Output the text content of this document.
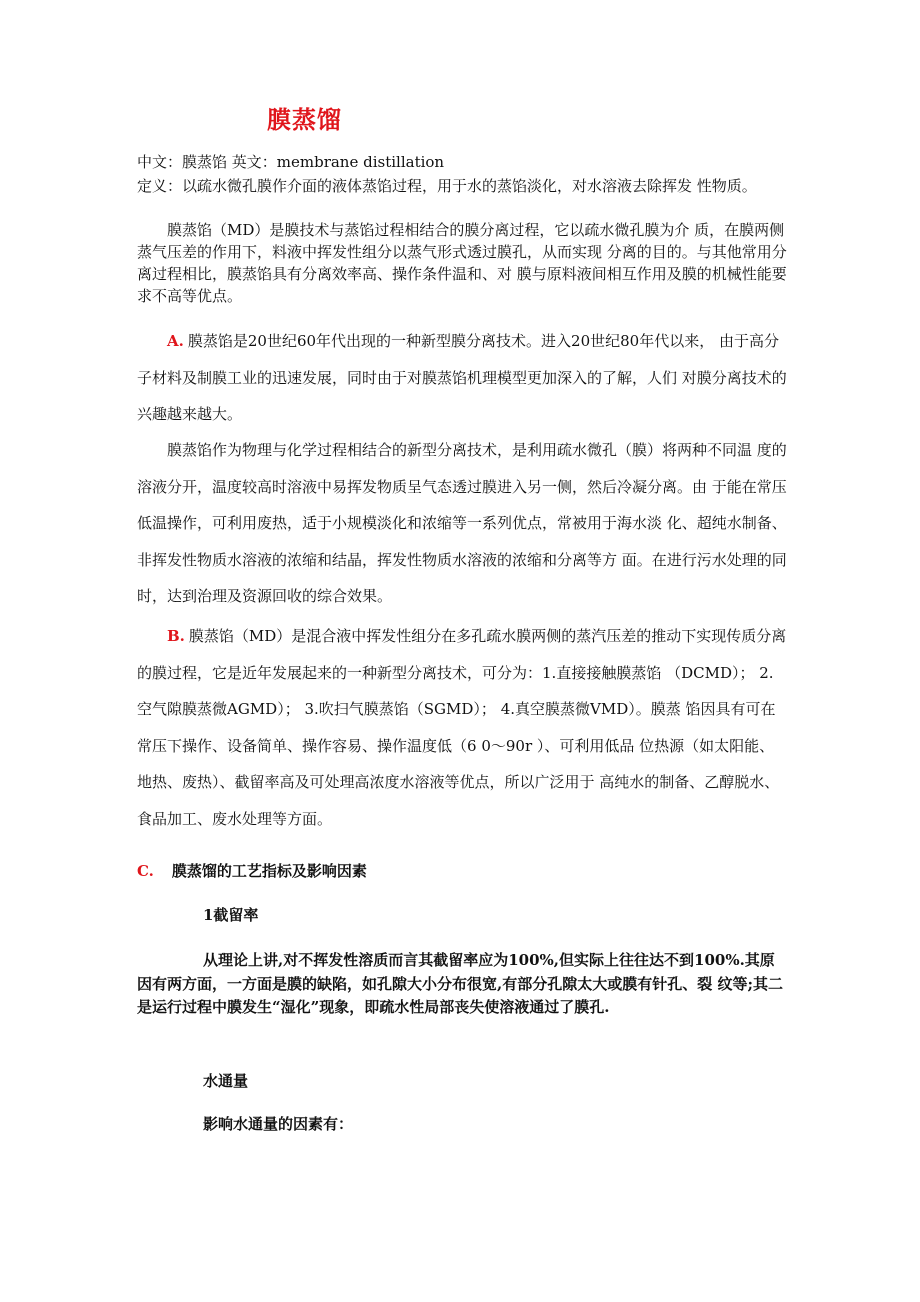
膜蒸馏

中文：膜蒸馅 英文：membrane distillation

定义：以疏水微孔膜作介面的液体蒸馅过程，用于水的蒸馅淡化，对水溶液去除挥发 性物质。

膜蒸馅（MD）是膜技术与蒸馅过程相结合的膜分离过程，它以疏水微孔膜为介 质，在膜两侧蒸气压差的作用下，料液中挥发性组分以蒸气形式透过膜孔，从而实现 分离的目的。与其他常用分离过程相比，膜蒸馅具有分离效率高、操作条件温和、对 膜与原料液间相互作用及膜的机械性能要求不高等优点。

A. 膜蒸馅是20世纪60年代出现的一种新型膜分离技术。进入20世纪80年代以来， 由于高分子材料及制膜工业的迅速发展，同时由于对膜蒸馅机理模型更加深入的了解，人们 对膜分离技术的兴趣越来越大。

膜蒸馅作为物理与化学过程相结合的新型分离技术，是利用疏水微孔（膜）将两种不同温 度的溶液分开，温度较高时溶液中易挥发物质呈气态透过膜进入另一侧，然后冷凝分离。由 于能在常压低温操作，可利用废热，适于小规模淡化和浓缩等一系列优点，常被用于海水淡 化、超纯水制备、非挥发性物质水溶液的浓缩和结晶，挥发性物质水溶液的浓缩和分离等方 面。在进行污水处理的同时，达到治理及资源回收的综合效果。

B. 膜蒸馅（MD）是混合液中挥发性组分在多孔疏水膜两侧的蒸汽压差的推动下实现传质分离的膜过程，它是近年发展起来的一种新型分离技术，可分为：1.直接接触膜蒸馅 （DCMD）； 2.空气隙膜蒸微AGMD）； 3.吹扫气膜蒸馅（SGMD）； 4.真空膜蒸微VMD）。膜蒸 馅因具有可在常压下操作、设备简单、操作容易、操作温度低（6 0〜90r ）、可利用低品 位热源（如太阳能、地热、废热）、截留率高及可处理高浓度水溶液等优点，所以广泛用于 高纯水的制备、乙醇脱水、食品加工、废水处理等方面。

C. 膜蒸馏的工艺指标及影响因素

1截留率

从理论上讲,对不挥发性溶质而言其截留率应为100%,但实际上往往达不到100%.其原因有两方面，一方面是膜的缺陷，如孔隙大小分布很宽,有部分孔隙太大或膜有针孔、裂 纹等;其二是运行过程中膜发生“湿化”现象，即疏水性局部丧失使溶液通过了膜孔.

水通量

影响水通量的因素有：
